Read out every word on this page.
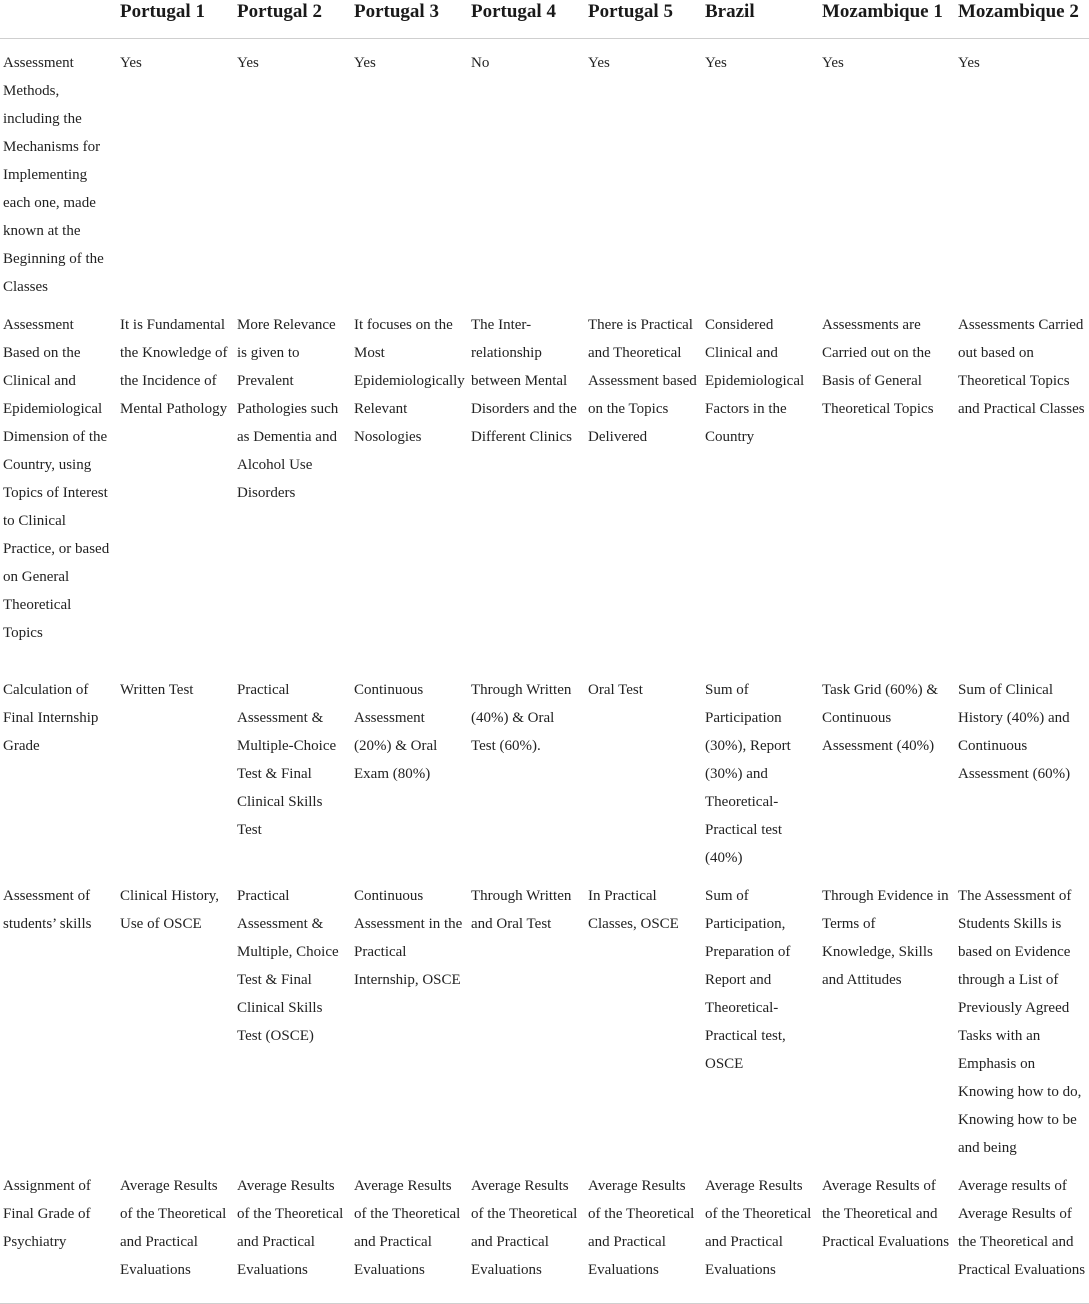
	Portugal 1	Portugal 2	Portugal 3	Portugal 4	Portugal 5	Brazil	Mozambique 1	Mozambique 2
Assessment Methods, including the Mechanisms for Implementing each one, made known at the Beginning of the Classes	Yes	Yes	Yes	No	Yes	Yes	Yes	Yes
Assessment Based on the Clinical and Epidemiological Dimension of the Country, using Topics of Interest to Clinical Practice, or based on General Theoretical Topics	It is Fundamental the Knowledge of the Incidence of Mental Pathology	More Relevance is given to Prevalent Pathologies such as Dementia and Alcohol Use Disorders	It focuses on the Most Epidemiologically Relevant Nosologies	The Inter-relationship between Mental Disorders and the Different Clinics	There is Practical and Theoretical Assessment based on the Topics Delivered	Considered Clinical and Epidemiological Factors in the Country	Assessments are Carried out on the Basis of General Theoretical Topics	Assessments Carried out based on Theoretical Topics and Practical Classes
Calculation of Final Internship Grade	Written Test	Practical Assessment & Multiple-Choice Test & Final Clinical Skills Test	Continuous Assessment (20%) & Oral Exam (80%)	Through Written (40%) & Oral Test (60%).	Oral Test	Sum of Participation (30%), Report (30%) and Theoretical-Practical test (40%)	Task Grid (60%) & Continuous Assessment (40%)	Sum of Clinical History (40%) and Continuous Assessment (60%)
Assessment of students’ skills	Clinical History, Use of OSCE	Practical Assessment & Multiple, Choice Test & Final Clinical Skills Test (OSCE)	Continuous Assessment in the Practical Internship, OSCE	Through Written and Oral Test	In Practical Classes, OSCE	Sum of Participation, Preparation of Report and Theoretical-Practical test, OSCE	Through Evidence in Terms of Knowledge, Skills and Attitudes	The Assessment of Students Skills is based on Evidence through a List of Previously Agreed Tasks with an Emphasis on Knowing how to do, Knowing how to be and being
Assignment of Final Grade of Psychiatry	Average Results of the Theoretical and Practical Evaluations	Average Results of the Theoretical and Practical Evaluations	Average Results of the Theoretical and Practical Evaluations	Average Results of the Theoretical and Practical Evaluations	Average Results of the Theoretical and Practical Evaluations	Average Results of the Theoretical and Practical Evaluations	Average Results of the Theoretical and Practical Evaluations	Average results of Average Results of the Theoretical and Practical Evaluations
